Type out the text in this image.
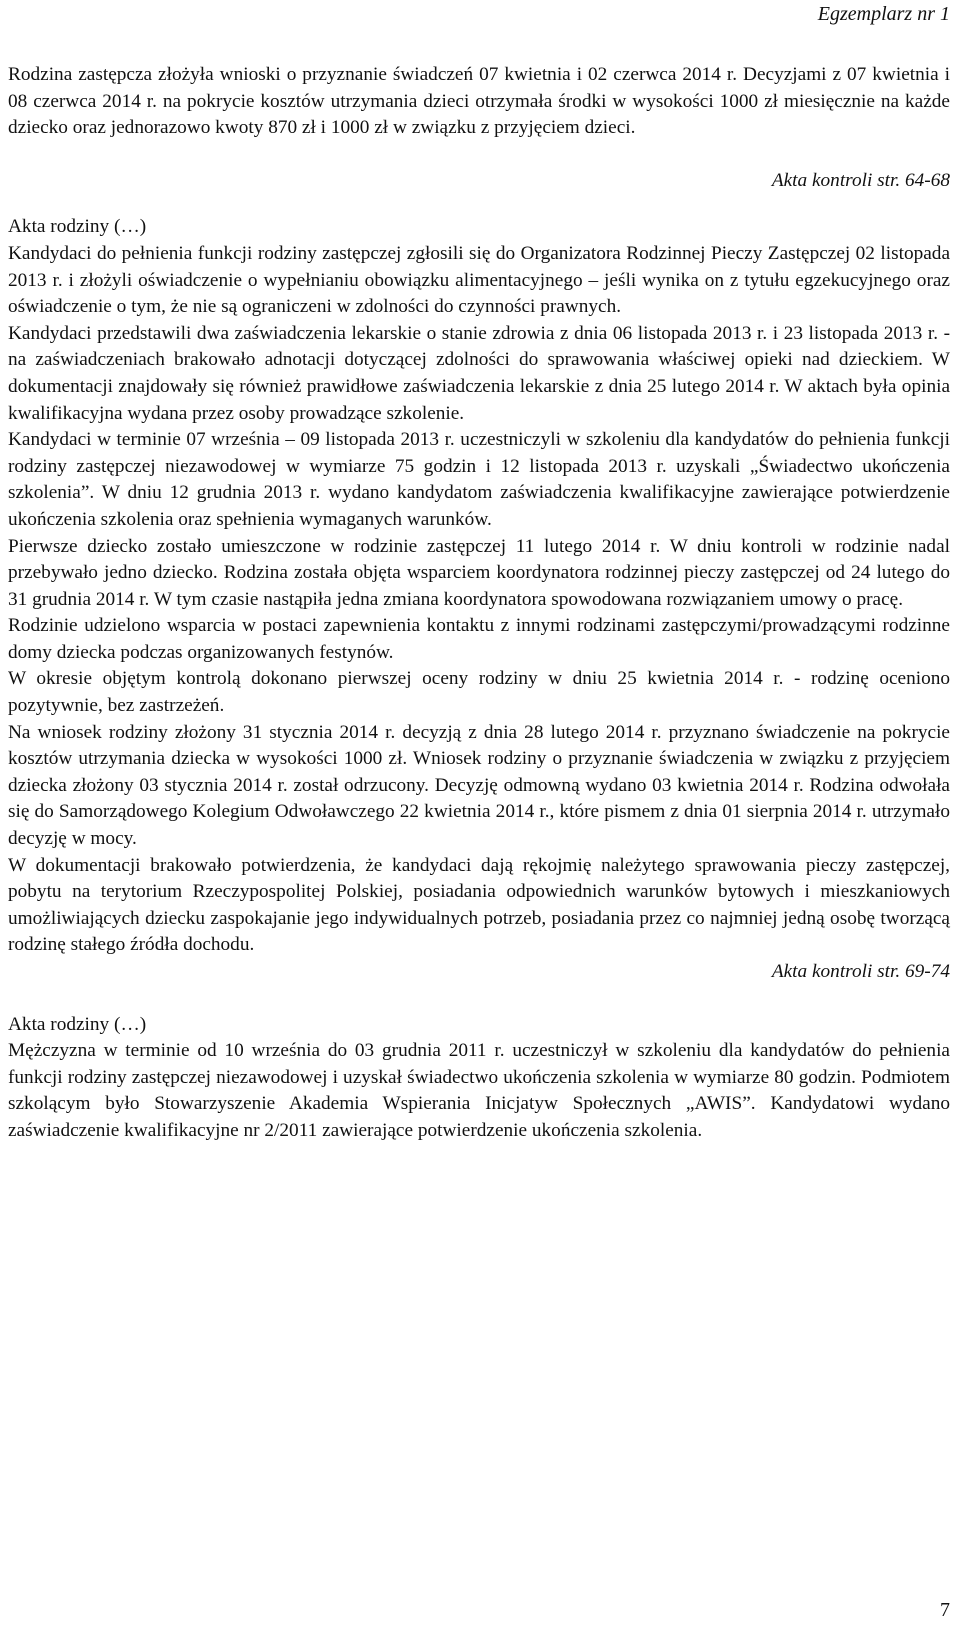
Egzemplarz nr 1

Rodzina zastępcza złożyła wnioski o przyznanie świadczeń 07 kwietnia i 02 czerwca 2014 r. Decyzjami z 07 kwietnia i 08 czerwca 2014 r. na pokrycie kosztów utrzymania dzieci otrzymała środki w wysokości 1000 zł miesięcznie na każde dziecko oraz jednorazowo kwoty 870 zł i 1000 zł w związku z przyjęciem dzieci.

Akta kontroli str. 64-68

Akta rodziny (…)

Kandydaci do pełnienia funkcji rodziny zastępczej zgłosili się do Organizatora Rodzinnej Pieczy Zastępczej 02 listopada 2013 r. i złożyli oświadczenie o wypełnianiu obowiązku alimentacyjnego – jeśli wynika on z tytułu egzekucyjnego oraz oświadczenie o tym, że nie są ograniczeni w zdolności do czynności prawnych.

Kandydaci przedstawili dwa zaświadczenia lekarskie o stanie zdrowia z dnia 06 listopada 2013 r. i 23 listopada 2013 r. - na zaświadczeniach brakowało adnotacji dotyczącej zdolności do sprawowania właściwej opieki nad dzieckiem. W dokumentacji znajdowały się również prawidłowe zaświadczenia lekarskie z dnia 25 lutego 2014 r. W aktach była opinia kwalifikacyjna wydana przez osoby prowadzące szkolenie.

Kandydaci w terminie 07 września – 09 listopada 2013 r. uczestniczyli w szkoleniu dla kandydatów do pełnienia funkcji rodziny zastępczej niezawodowej w wymiarze 75 godzin i 12 listopada 2013 r. uzyskali „Świadectwo ukończenia szkolenia”. W dniu 12 grudnia 2013 r. wydano kandydatom zaświadczenia kwalifikacyjne zawierające potwierdzenie ukończenia szkolenia oraz spełnienia wymaganych warunków.

Pierwsze dziecko zostało umieszczone w rodzinie zastępczej 11 lutego 2014 r. W dniu kontroli w rodzinie nadal przebywało jedno dziecko. Rodzina została objęta wsparciem koordynatora rodzinnej pieczy zastępczej od 24 lutego do 31 grudnia 2014 r. W tym czasie nastąpiła jedna zmiana koordynatora spowodowana rozwiązaniem umowy o pracę.

Rodzinie udzielono wsparcia w postaci zapewnienia kontaktu z innymi rodzinami zastępczymi/prowadzącymi rodzinne domy dziecka podczas organizowanych festynów.

W okresie objętym kontrolą dokonano pierwszej oceny rodziny w dniu 25 kwietnia 2014 r. - rodzinę oceniono pozytywnie, bez zastrzeżeń.

Na wniosek rodziny złożony 31 stycznia 2014 r. decyzją z dnia 28 lutego 2014 r. przyznano świadczenie na pokrycie kosztów utrzymania dziecka w wysokości 1000 zł. Wniosek rodziny o przyznanie świadczenia w związku z przyjęciem dziecka złożony 03 stycznia 2014 r. został odrzucony. Decyzję odmowną wydano 03 kwietnia 2014 r. Rodzina odwołała się do Samorządowego Kolegium Odwoławczego 22 kwietnia 2014 r., które pismem z dnia 01 sierpnia 2014 r. utrzymało decyzję w mocy.

W dokumentacji brakowało potwierdzenia, że kandydaci dają rękojmię należytego sprawowania pieczy zastępczej, pobytu na terytorium Rzeczypospolitej Polskiej, posiadania odpowiednich warunków bytowych i mieszkaniowych umożliwiających dziecku zaspokajanie jego indywidualnych potrzeb, posiadania przez co najmniej jedną osobę tworzącą rodzinę stałego źródła dochodu.

Akta kontroli str. 69-74

Akta rodziny (…)

Mężczyzna w terminie od 10 września do 03 grudnia 2011 r. uczestniczył w szkoleniu dla kandydatów do pełnienia funkcji rodziny zastępczej niezawodowej i uzyskał świadectwo ukończenia szkolenia w wymiarze 80 godzin. Podmiotem szkolącym było Stowarzyszenie Akademia Wspierania Inicjatyw Społecznych „AWIS”. Kandydatowi wydano zaświadczenie kwalifikacyjne nr 2/2011 zawierające potwierdzenie ukończenia szkolenia.

7
